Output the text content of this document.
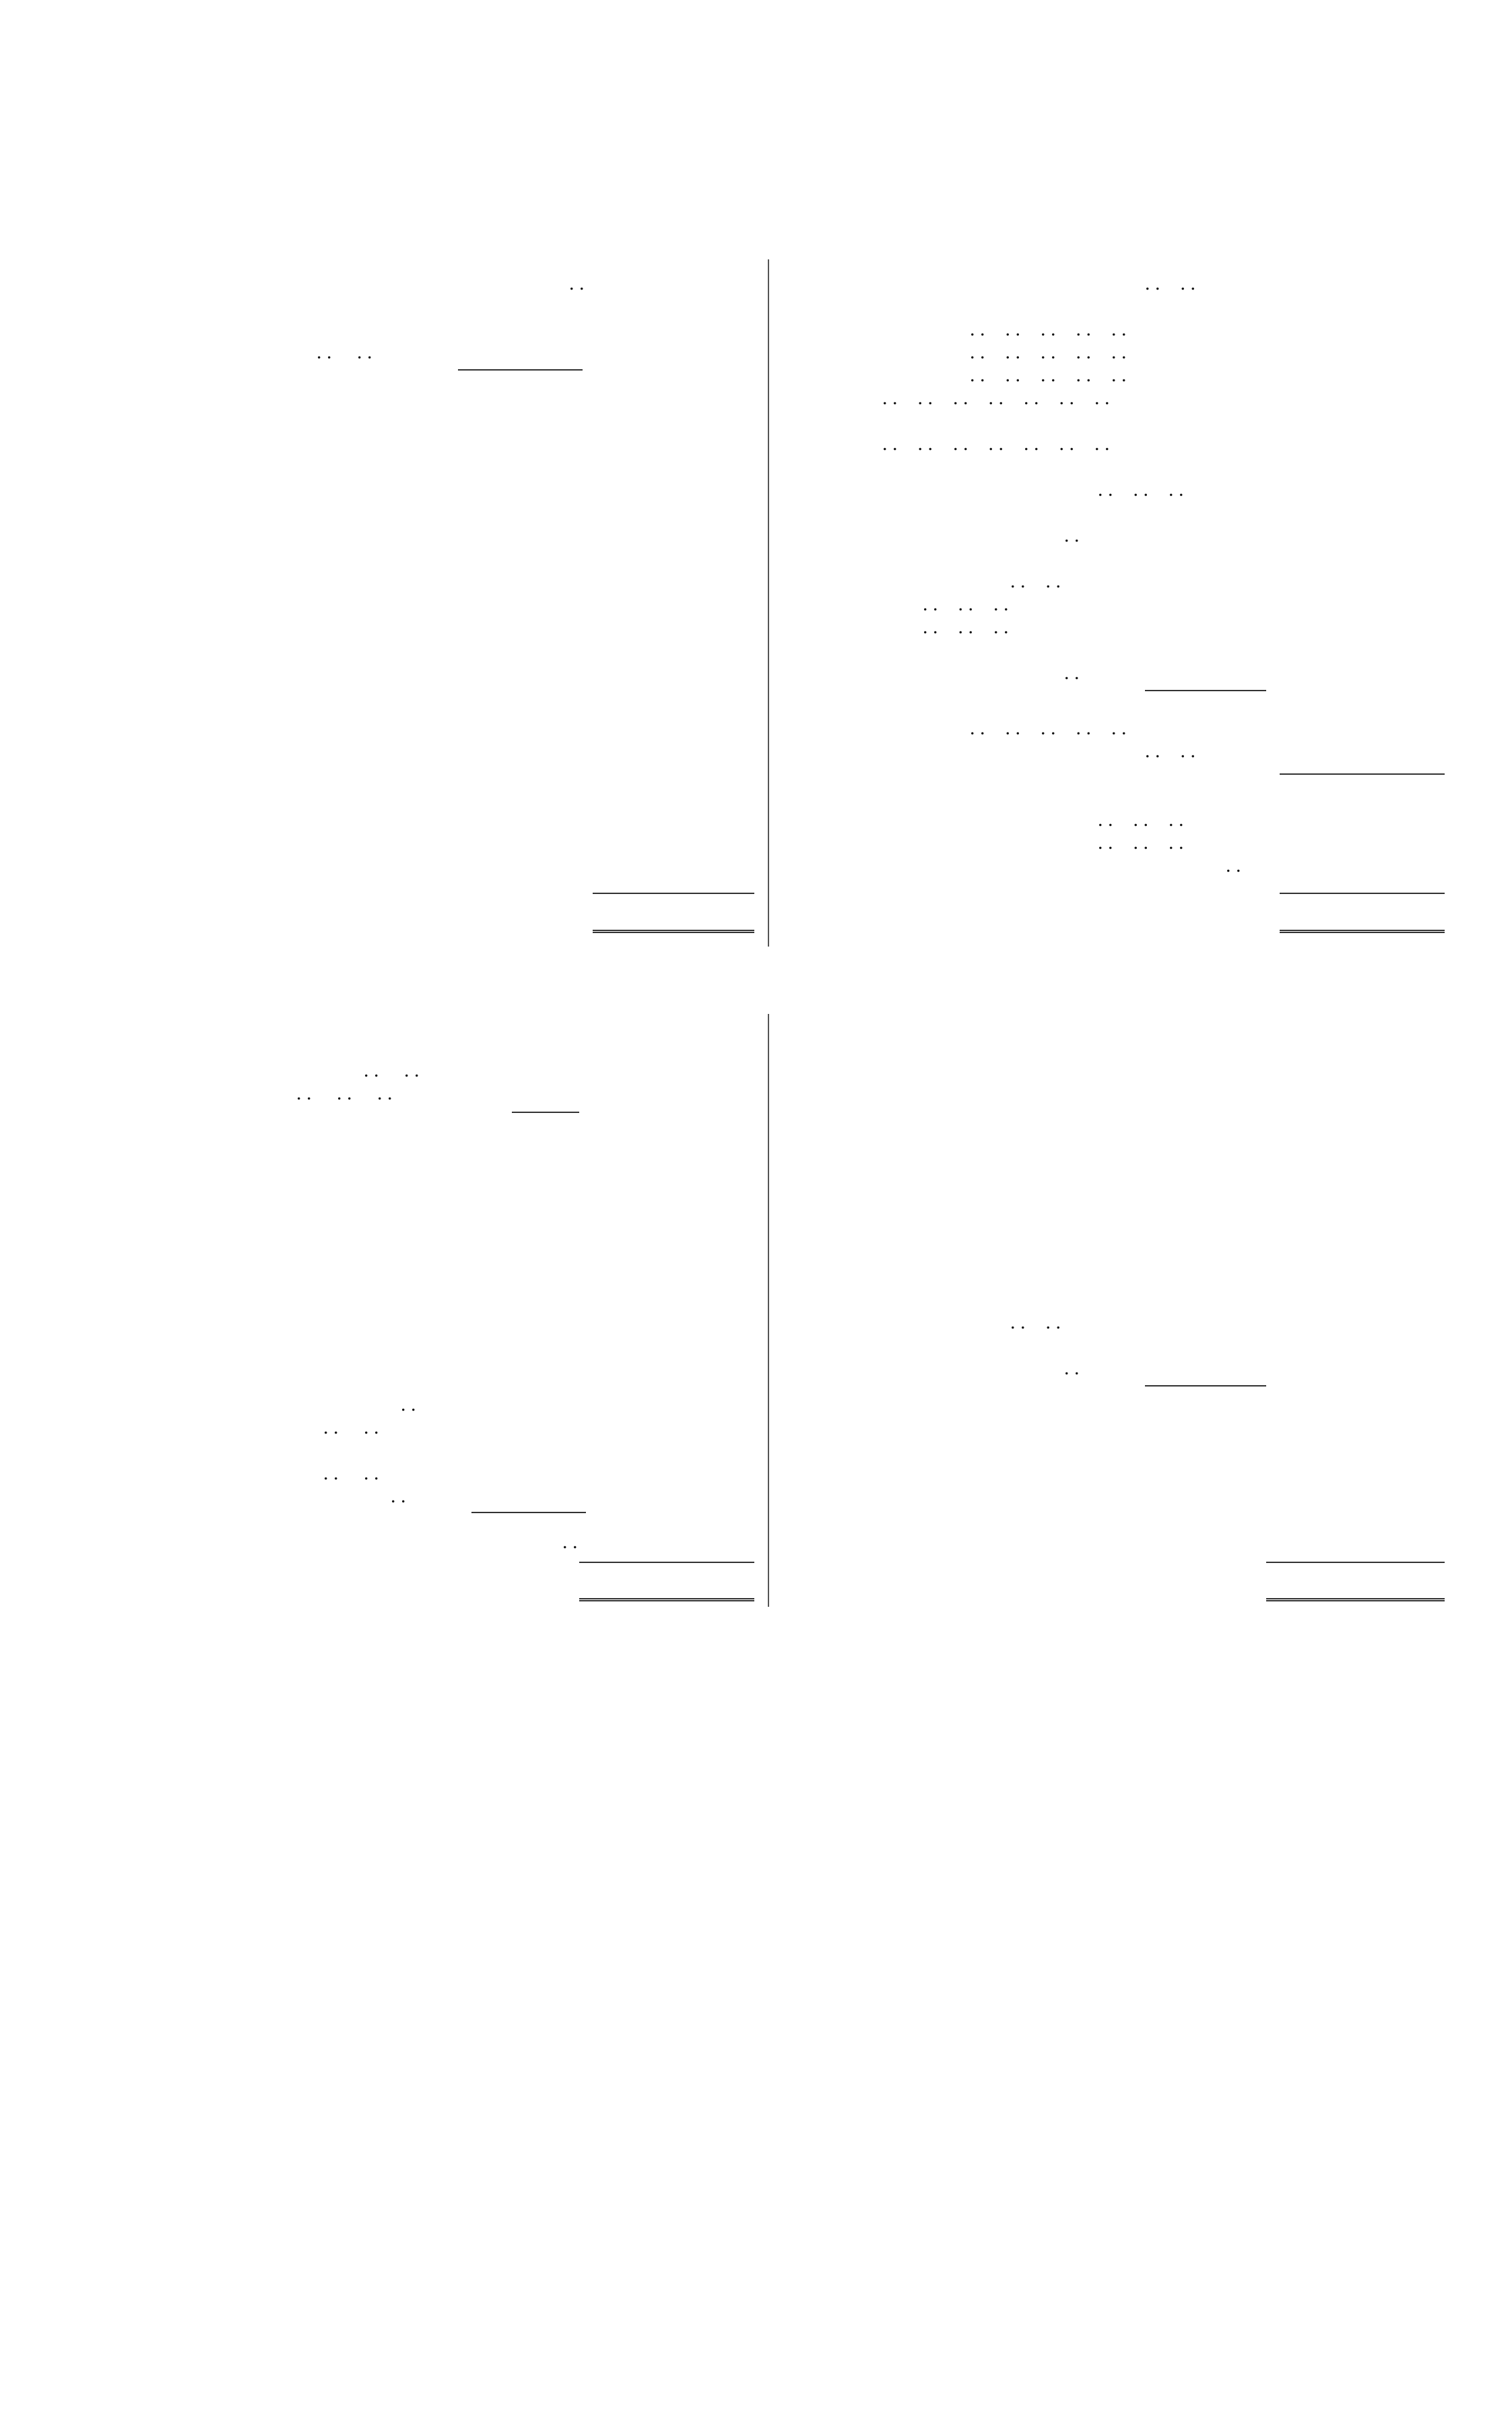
. .
. .     . .
. .    . .
. .    . .    . .    . .    . .
. .    . .    . .    . .    . .
. .    . .    . .    . .    . .
. .    . .    . .    . .    . .    . .    . .
. .    . .    . .    . .    . .    . .    . .
. .    . .    . .
. .
. .    . .
. .    . .    . .
. .    . .    . .
. .
. .    . .    . .    . .    . .
. .    . .
. .    . .    . .
. .    . .    . .
. .
. .     . .
. .     . .     . .
. .
. .     . .
. .     . .
. .
. .
. .    . .
. .
